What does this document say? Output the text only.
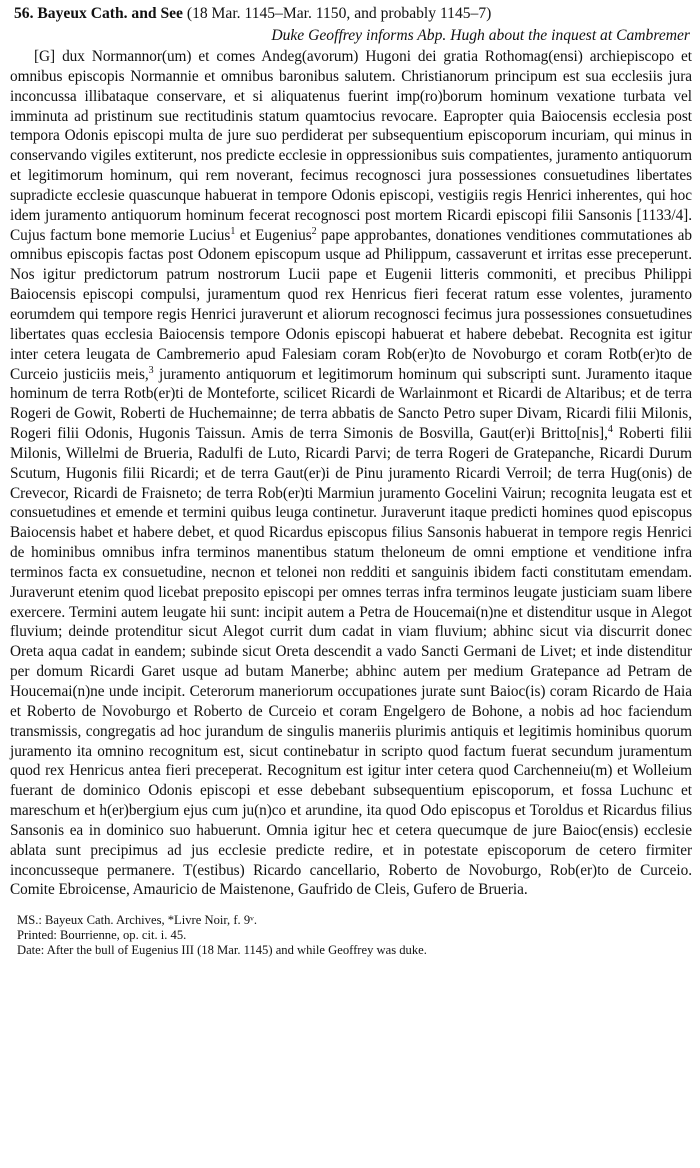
56. Bayeux Cath. and See (18 Mar. 1145–Mar. 1150, and probably 1145–7)
Duke Geoffrey informs Abp. Hugh about the inquest at Cambremer

[G] dux Normannor(um) et comes Andeg(avorum) Hugoni dei gratia Rothomag(ensi) archiepiscopo et omnibus episcopis Normannie et omnibus baronibus salutem. Christianorum principum est sua ecclesiis jura inconcussa illibataque conservare, et si aliquatenus fuerint imp(ro)borum hominum vexatione turbata vel imminuta ad pristinum sue rectitudinis statum quamtocius revocare. Eapropter quia Baiocensis ecclesia post tempora Odonis episcopi multa de jure suo perdiderat per subsequentium episcoporum incuriam, qui minus in conservando vigiles extiterunt, nos predicte ecclesie in oppressionibus suis compatientes, juramento antiquorum et legitimorum hominum, qui rem noverant, fecimus recognosci jura possessiones consuetudines libertates supradicte ecclesie quascunque habuerat in tempore Odonis episcopi, vestigiis regis Henrici inherentes, qui hoc idem juramento antiquorum hominum fecerat recognosci post mortem Ricardi episcopi filii Sansonis [1133/4]. Cujus factum bone memorie Lucius$^1$ et Eugenius$^2$ pape approbantes, donationes venditiones commutationes ab omnibus episcopis factas post Odonem episcopum usque ad Philippum, cassaverunt et irritas esse preceperunt. Nos igitur predictorum patrum nostrorum Lucii pape et Eugenii litteris commoniti, et precibus Philippi Baiocensis episcopi compulsi, juramentum quod rex Henricus fieri fecerat ratum esse volentes, juramento eorumdem qui tempore regis Henrici juraverunt et aliorum recognosci fecimus jura possessiones consuetudines libertates quas ecclesia Baiocensis tempore Odonis episcopi habuerat et habere debebat. Recognita est igitur inter cetera leugata de Cambremerio apud Falesiam coram Rob(er)to de Novoburgo et coram Rotb(er)to de Curceio justiciis meis,$^3$ juramento antiquorum et legitimorum hominum qui subscripti sunt. Juramento itaque hominum de terra Rotb(er)ti de Monteforte, scilicet Ricardi de Warlainmont et Ricardi de Altaribus; et de terra Rogeri de Gowit, Roberti de Huchemainne; de terra abbatis de Sancto Petro super Divam, Ricardi filii Milonis, Rogeri filii Odonis, Hugonis Taissun. Amis de terra Simonis de Bosvilla, Gaut(er)i Britto[nis],$^4$ Roberti filii Milonis, Willelmi de Brueria, Radulfi de Luto, Ricardi Parvi; de terra Rogeri de Gratepanche, Ricardi Durum Scutum, Hugonis filii Ricardi; et de terra Gaut(er)i de Pinu juramento Ricardi Verroil; de terra Hug(onis) de Crevecor, Ricardi de Fraisneto; de terra Rob(er)ti Marmiun juramento Gocelini Vairun; recognita leugata est et consuetudines et emende et termini quibus leuga continetur. Juraverunt itaque predicti homines quod episcopus Baiocensis habet et habere debet, et quod Ricardus episcopus filius Sansonis habuerat in tempore regis Henrici de hominibus omnibus infra terminos manentibus statum theloneum de omni emptione et venditione infra terminos facta ex consuetudine, necnon et telonei non redditi et sanguinis ibidem facti constitutam emendam. Juraverunt etenim quod licebat preposito episcopi per omnes terras infra terminos leugate justiciam suam libere exercere. Termini autem leugate hii sunt: incipit autem a Petra de Houcemai(n)ne et distenditur usque in Alegot fluvium; deinde protenditur sicut Alegot currit dum cadat in viam fluvium; abhinc sicut via discurrit donec Oreta aqua cadat in eandem; subinde sicut Oreta descendit a vado Sancti Germani de Livet; et inde distenditur per domum Ricardi Garet usque ad butam Manerbe; abhinc autem per medium Gratepance ad Petram de Houcemai(n)ne unde incipit. Ceterorum maneriorum occupationes jurate sunt Baioc(is) coram Ricardo de Haia et Roberto de Novoburgo et Roberto de Curceio et coram Engelgero de Bohone, a nobis ad hoc faciendum transmissis, congregatis ad hoc jurandum de singulis maneriis plurimis antiquis et legitimis hominibus quorum juramento ita omnino recognitum est, sicut continebatur in scripto quod factum fuerat secundum juramentum quod rex Henricus antea fieri preceperat. Recognitum est igitur inter cetera quod Carchenneiu(m) et Wolleium fuerant de dominico Odonis episcopi et esse debebant subsequentium episcoporum, et fossa Luchunc et mareschum et h(er)bergium ejus cum ju(n)co et arundine, ita quod Odo episcopus et Toroldus et Ricardus filius Sansonis ea in dominico suo habuerunt. Omnia igitur hec et cetera quecumque de jure Baioc(ensis) ecclesie ablata sunt precipimus ad jus ecclesie predicte redire, et in potestate episcoporum de cetero firmiter inconcusseque permanere. T(estibus) Ricardo cancellario, Roberto de Novoburgo, Rob(er)to de Curceio. Comite Ebroicense, Amauricio de Maistenone, Gaufrido de Cleis, Gufero de Brueria.

MS.: Bayeux Cath. Archives, *Livre Noir, f. 9ᵛ.
Printed: Bourrienne, op. cit. i. 45.
Date: After the bull of Eugenius III (18 Mar. 1145) and while Geoffrey was duke.
